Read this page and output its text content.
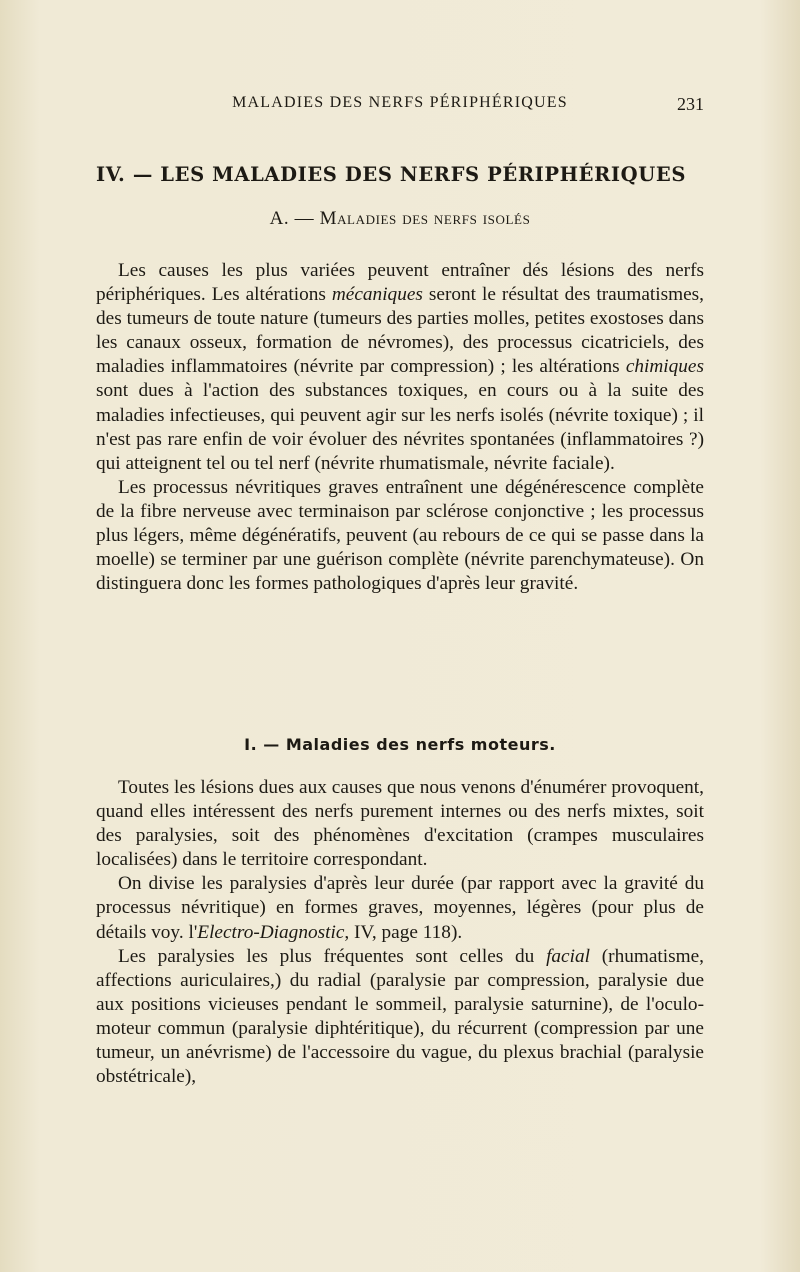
MALADIES DES NERFS PÉRIPHÉRIQUES	231
IV. — LES MALADIES DES NERFS PÉRIPHÉRIQUES
A. — Maladies des nerfs isolés

Les causes les plus variées peuvent entraîner dés lésions des nerfs périphériques. Les altérations mécaniques seront le résultat des traumatismes, des tumeurs de toute nature (tumeurs des parties molles, petites exostoses dans les canaux osseux, formation de névromes), des processus cicatriciels, des maladies inflammatoires (névrite par compression) ; les altérations chimiques sont dues à l'action des substances toxiques, en cours ou à la suite des maladies infectieuses, qui peuvent agir sur les nerfs isolés (névrite toxique) ; il n'est pas rare enfin de voir évoluer des névrites spontanées (inflammatoires ?) qui atteignent tel ou tel nerf (névrite rhumatismale, névrite faciale).

Les processus névritiques graves entraînent une dégénérescence complète de la fibre nerveuse avec terminaison par sclérose conjonctive ; les processus plus légers, même dégénératifs, peuvent (au rebours de ce qui se passe dans la moelle) se terminer par une guérison complète (névrite parenchymateuse). On distinguera donc les formes pathologiques d'après leur gravité.

I. — Maladies des nerfs moteurs.

Toutes les lésions dues aux causes que nous venons d'énumérer provoquent, quand elles intéressent des nerfs purement internes ou des nerfs mixtes, soit des paralysies, soit des phénomènes d'excitation (crampes musculaires localisées) dans le territoire correspondant.

On divise les paralysies d'après leur durée (par rapport avec la gravité du processus névritique) en formes graves, moyennes, légères (pour plus de détails voy. l'Electro-Diagnostic, IV, page 118).

Les paralysies les plus fréquentes sont celles du facial (rhumatisme, affections auriculaires,) du radial (paralysie par compression, paralysie due aux positions vicieuses pendant le sommeil, paralysie saturnine), de l'oculo-moteur commun (paralysie diphtéritique), du récurrent (compression par une tumeur, un anévrisme) de l'accessoire du vague, du plexus brachial (paralysie obstétricale),
